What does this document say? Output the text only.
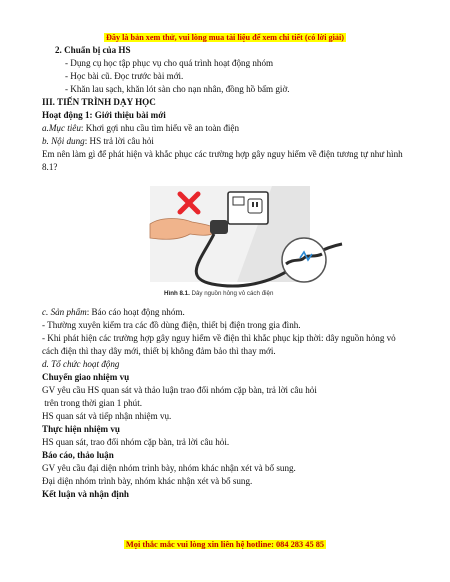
Đây là bản xem thử, vui lòng mua tài liệu để xem chi tiết (có lời giải)
2. Chuẩn bị của HS
- Dụng cụ học tập phục vụ cho quá trình hoạt động nhóm
- Học bài cũ. Đọc trước bài mới.
- Khăn lau sạch, khăn lót sàn cho nạn nhân, đồng hồ bấm giờ.
III. TIẾN TRÌNH DẠY HỌC
Hoạt động 1: Giới thiệu bài mới
a.Mục tiêu: Khơi gợi nhu cầu tìm hiểu về an toàn điện
b. Nội dung: HS trả lời câu hỏi
Em nên làm gì để phát hiện và khắc phục các trường hợp gây nguy hiểm về điện tương tự như hình 8.1?
Hình 8.1. Dây nguồn hỏng vỏ cách điện
c. Sản phẩm: Báo cáo hoạt động nhóm.
- Thường xuyên kiểm tra các đồ dùng điện, thiết bị điện trong gia đình.
- Khi phát hiện các trường hợp gây nguy hiểm về điện thì khắc phục kịp thời: dây nguồn hỏng vỏ cách điện thì thay dây mới, thiết bị không đảm bảo thì thay mới.
d. Tổ chức hoạt động
Chuyển giao nhiệm vụ
GV yêu cầu HS quan sát và thảo luận trao đổi nhóm cặp bàn, trả lời câu hỏi
trên trong thời gian 1 phút.
HS quan sát và tiếp nhận nhiệm vụ.
Thực hiện nhiệm vụ
HS quan sát, trao đổi nhóm cặp bàn, trả lời câu hỏi.
Báo cáo, thảo luận
GV yêu cầu đại diện nhóm trình bày, nhóm khác nhận xét và bổ sung.
Đại diện nhóm trình bày, nhóm khác nhận xét và bổ sung.
Kết luận và nhận định
Mọi thắc mắc vui lòng xin liên hệ hotline: 084 283 45 85
